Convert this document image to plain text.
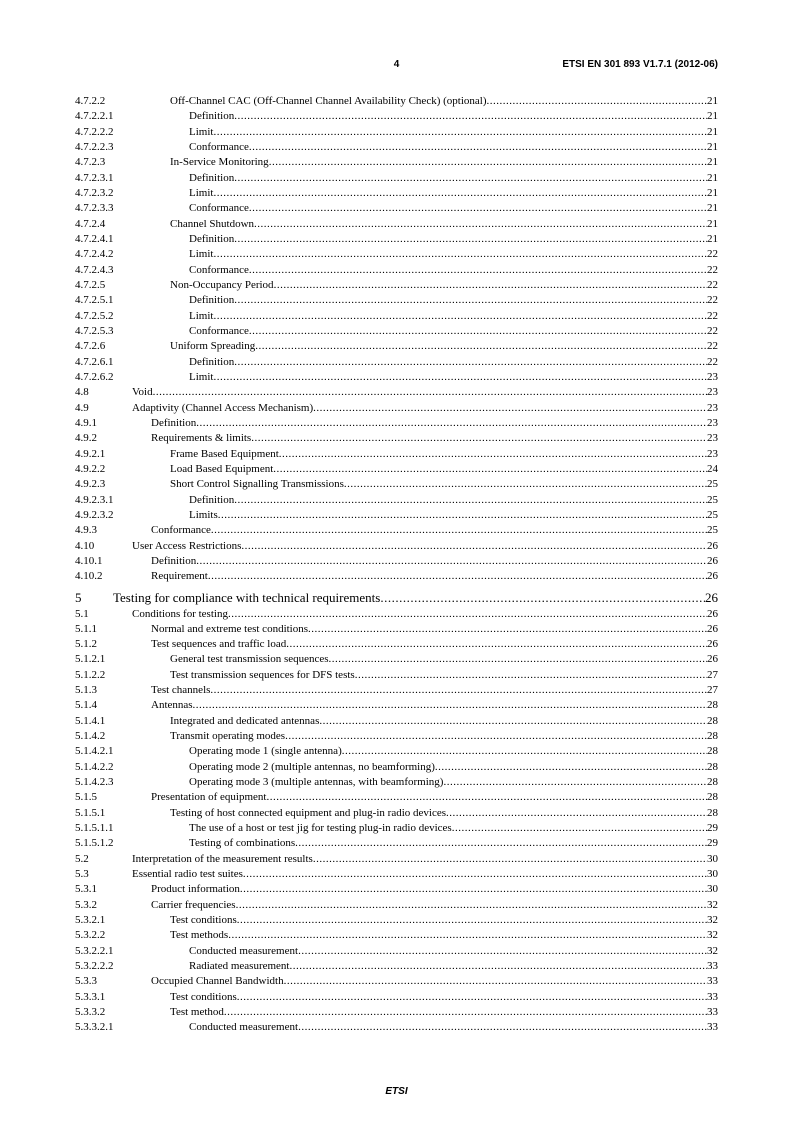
4	ETSI EN 301 893 V1.7.1 (2012-06)
4.7.2.2	Off-Channel CAC (Off-Channel Channel Availability Check) (optional) .....	21
4.7.2.2.1	Definition .....	21
4.7.2.2.2	Limit .....	21
4.7.2.2.3	Conformance .....	21
4.7.2.3	In-Service Monitoring .....	21
4.7.2.3.1	Definition .....	21
4.7.2.3.2	Limit .....	21
4.7.2.3.3	Conformance .....	21
4.7.2.4	Channel Shutdown .....	21
4.7.2.4.1	Definition .....	21
4.7.2.4.2	Limit .....	22
4.7.2.4.3	Conformance .....	22
4.7.2.5	Non-Occupancy Period .....	22
4.7.2.5.1	Definition .....	22
4.7.2.5.2	Limit .....	22
4.7.2.5.3	Conformance .....	22
4.7.2.6	Uniform Spreading .....	22
4.7.2.6.1	Definition .....	22
4.7.2.6.2	Limit .....	23
4.8	Void .....	23
4.9	Adaptivity (Channel Access Mechanism) .....	23
4.9.1	Definition .....	23
4.9.2	Requirements & limits .....	23
4.9.2.1	Frame Based Equipment .....	23
4.9.2.2	Load Based Equipment .....	24
4.9.2.3	Short Control Signalling Transmissions .....	25
4.9.2.3.1	Definition .....	25
4.9.2.3.2	Limits .....	25
4.9.3	Conformance .....	25
4.10	User Access Restrictions .....	26
4.10.1	Definition .....	26
4.10.2	Requirement .....	26
5 Testing for compliance with technical requirements .....	26
5.1	Conditions for testing .....	26
5.1.1	Normal and extreme test conditions .....	26
5.1.2	Test sequences and traffic load .....	26
5.1.2.1	General test transmission sequences .....	26
5.1.2.2	Test transmission sequences for DFS tests .....	27
5.1.3	Test channels .....	27
5.1.4	Antennas .....	28
5.1.4.1	Integrated and dedicated antennas .....	28
5.1.4.2	Transmit operating modes .....	28
5.1.4.2.1	Operating mode 1 (single antenna) .....	28
5.1.4.2.2	Operating mode 2 (multiple antennas, no beamforming) .....	28
5.1.4.2.3	Operating mode 3 (multiple antennas, with beamforming) .....	28
5.1.5	Presentation of equipment .....	28
5.1.5.1	Testing of host connected equipment and plug-in radio devices .....	28
5.1.5.1.1	The use of a host or test jig for testing plug-in radio devices .....	29
5.1.5.1.2	Testing of combinations .....	29
5.2	Interpretation of the measurement results .....	30
5.3	Essential radio test suites .....	30
5.3.1	Product information .....	30
5.3.2	Carrier frequencies .....	32
5.3.2.1	Test conditions .....	32
5.3.2.2	Test methods .....	32
5.3.2.2.1	Conducted measurement .....	32
5.3.2.2.2	Radiated measurement .....	33
5.3.3	Occupied Channel Bandwidth .....	33
5.3.3.1	Test conditions .....	33
5.3.3.2	Test method .....	33
5.3.3.2.1	Conducted measurement .....	33
ETSI
